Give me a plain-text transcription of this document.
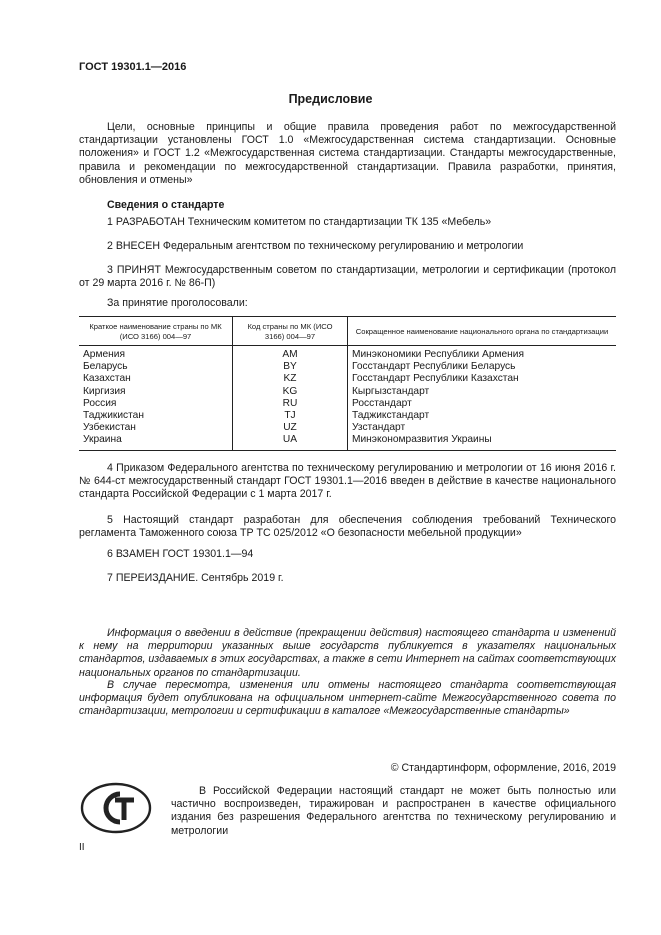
ГОСТ 19301.1—2016
Предисловие

Цели, основные принципы и общие правила проведения работ по межгосударственной стандартизации установлены ГОСТ 1.0 «Межгосударственная система стандартизации. Основные положения» и ГОСТ 1.2 «Межгосударственная система стандартизации. Стандарты межгосударственные, правила и рекомендации по межгосударственной стандартизации. Правила разработки, принятия, обновления и отмены»

Сведения о стандарте

1 РАЗРАБОТАН Техническим комитетом по стандартизации ТК 135 «Мебель»

2 ВНЕСЕН Федеральным агентством по техническому регулированию и метрологии

3 ПРИНЯТ Межгосударственным советом по стандартизации, метрологии и сертификации (протокол от 29 марта 2016 г. № 86-П)

За принятие проголосовали:

Краткое наименование страны по МК (ИСО 3166) 004—97	Код страны по МК (ИСО 3166) 004—97	Сокращенное наименование национального органа по стандартизации
Армения	AM	Минэкономики Республики Армения
Беларусь	BY	Госстандарт Республики Беларусь
Казахстан	KZ	Госстандарт Республики Казахстан
Киргизия	KG	Кыргызстандарт
Россия	RU	Росстандарт
Таджикистан	TJ	Таджикстандарт
Узбекистан	UZ	Узстандарт
Украина	UA	Минэкономразвития Украины

4 Приказом Федерального агентства по техническому регулированию и метрологии от 16 июня 2016 г. № 644-ст межгосударственный стандарт ГОСТ 19301.1—2016 введен в действие в качестве национального стандарта Российской Федерации с 1 марта 2017 г.

5 Настоящий стандарт разработан для обеспечения соблюдения требований Технического регламента Таможенного союза ТР ТС 025/2012 «О безопасности мебельной продукции»

6 ВЗАМЕН ГОСТ 19301.1—94

7 ПЕРЕИЗДАНИЕ. Сентябрь 2019 г.

Информация о введении в действие (прекращении действия) настоящего стандарта и изменений к нему на территории указанных выше государств публикуется в указателях национальных стандартов, издаваемых в этих государствах, а также в сети Интернет на сайтах соответствующих национальных органов по стандартизации.

В случае пересмотра, изменения или отмены настоящего стандарта соответствующая информация будет опубликована на официальном интернет-сайте Межгосударственного совета по стандартизации, метрологии и сертификации в каталоге «Межгосударственные стандарты»

© Стандартинформ, оформление, 2016, 2019

В Российской Федерации настоящий стандарт не может быть полностью или частично воспроизведен, тиражирован и распространен в качестве официального издания без разрешения Федерального агентства по техническому регулированию и метрологии

II
